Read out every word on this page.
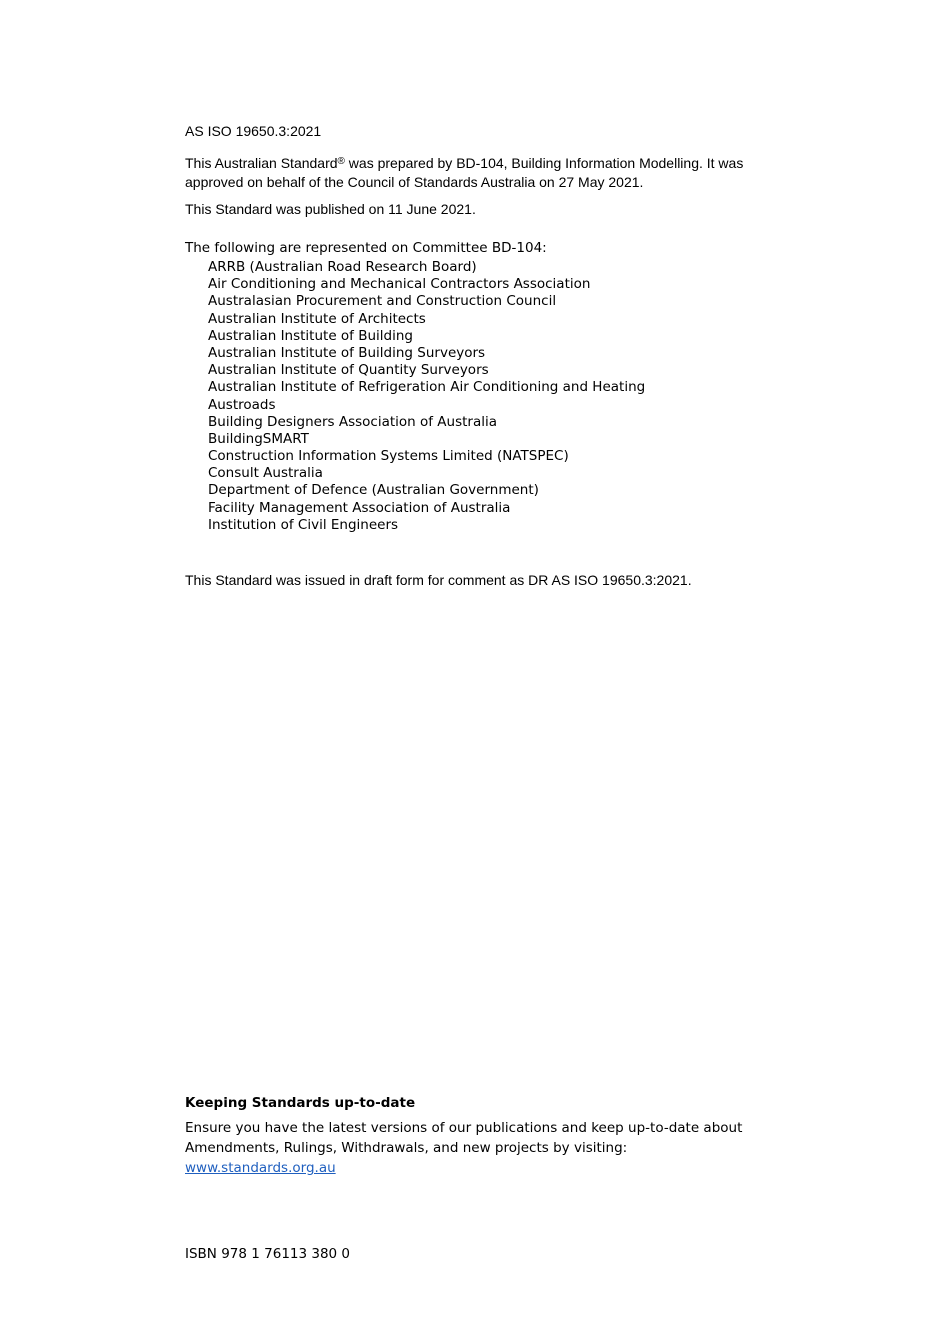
AS ISO 19650.3:2021
This Australian Standard® was prepared by BD-104, Building Information Modelling. It was
approved on behalf of the Council of Standards Australia on 27 May 2021.
This Standard was published on 11 June 2021.
The following are represented on Committee BD-104:
ARRB (Australian Road Research Board)
Air Conditioning and Mechanical Contractors Association
Australasian Procurement and Construction Council
Australian Institute of Architects
Australian Institute of Building
Australian Institute of Building Surveyors
Australian Institute of Quantity Surveyors
Australian Institute of Refrigeration Air Conditioning and Heating
Austroads
Building Designers Association of Australia
BuildingSMART
Construction Information Systems Limited (NATSPEC)
Consult Australia
Department of Defence (Australian Government)
Facility Management Association of Australia
Institution of Civil Engineers
This Standard was issued in draft form for comment as DR AS ISO 19650.3:2021.
Keeping Standards up-to-date
Ensure you have the latest versions of our publications and keep up-to-date about
Amendments, Rulings, Withdrawals, and new projects by visiting:
www.standards.org.au
ISBN 978 1 76113 380 0
